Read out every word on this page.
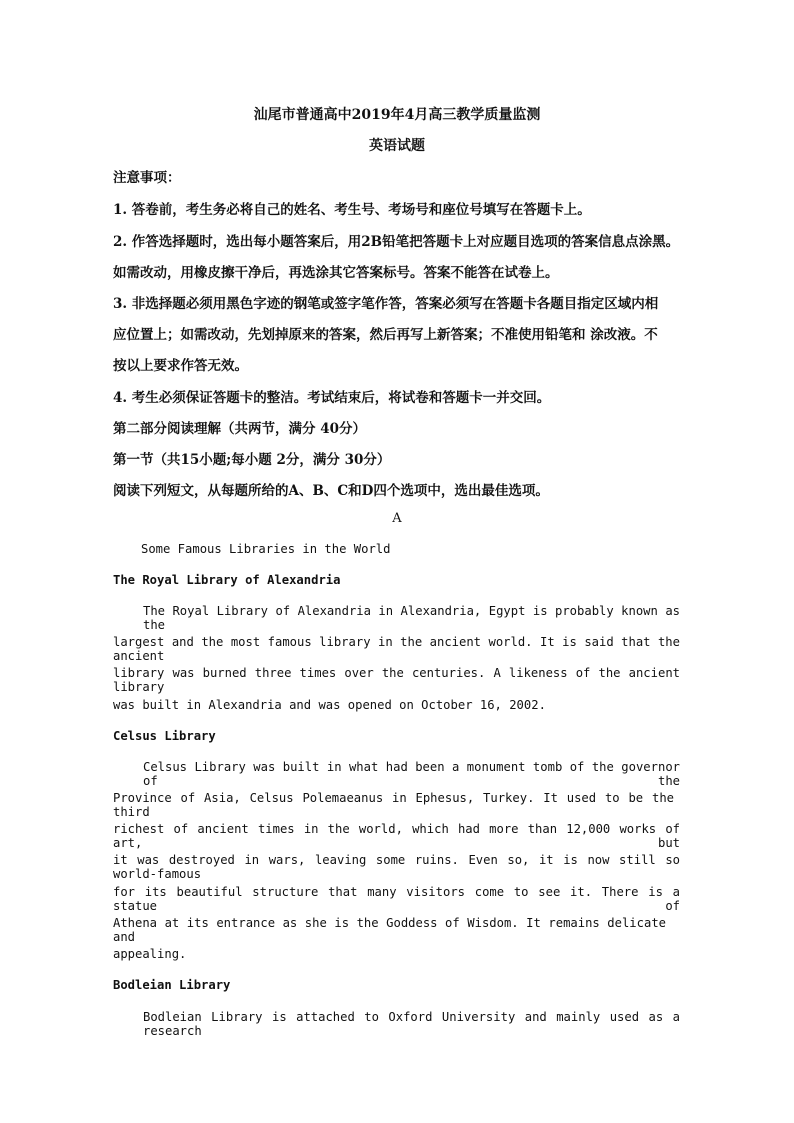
汕尾市普通高中2019年4月高三教学质量监测
英语试题
注意事项：
1. 答卷前，考生务必将自己的姓名、考生号、考场号和座位号填写在答题卡上。
2. 作答选择题时，选出每小题答案后，用2B铅笔把答题卡上对应题目选项的答案信息点涂黑。
如需改动，用橡皮擦干净后，再选涂其它答案标号。答案不能答在试卷上。
3. 非选择题必须用黑色字迹的钢笔或签字笔作答，答案必须写在答题卡各题目指定区域内相
应位置上；如需改动，先划掉原来的答案，然后再写上新答案；不准使用铅笔和 涂改液。不
按以上要求作答无效。
4. 考生必须保证答题卡的整洁。考试结束后，将试卷和答题卡一并交回。
第二部分阅读理解（共两节，满分 40分）
第一节（共15小题;每小题 2分，满分 30分）
阅读下列短文，从每题所给的A、B、C和D四个选项中，选出最佳选项。
A
Some Famous Libraries in the World
The Royal Library of Alexandria
The Royal Library of Alexandria in Alexandria, Egypt is probably known as the
largest and the most famous library in the ancient world. It is said that the ancient
library was burned three times over the centuries. A likeness of the ancient library
was built in Alexandria and was opened on October 16, 2002.
Celsus Library
Celsus Library was built in what had been a monument tomb of the governor of the
Province of Asia, Celsus Polemaeanus in Ephesus, Turkey. It used to be the third
richest of ancient times in the world, which had more than 12,000 works of art, but
it was destroyed in wars, leaving some ruins. Even so, it is now still so world-famous
for its beautiful structure that many visitors come to see it. There is a statue of
Athena at its entrance as she is the Goddess of Wisdom. It remains delicate and
appealing.
Bodleian Library
Bodleian Library is attached to Oxford University and mainly used as a research
